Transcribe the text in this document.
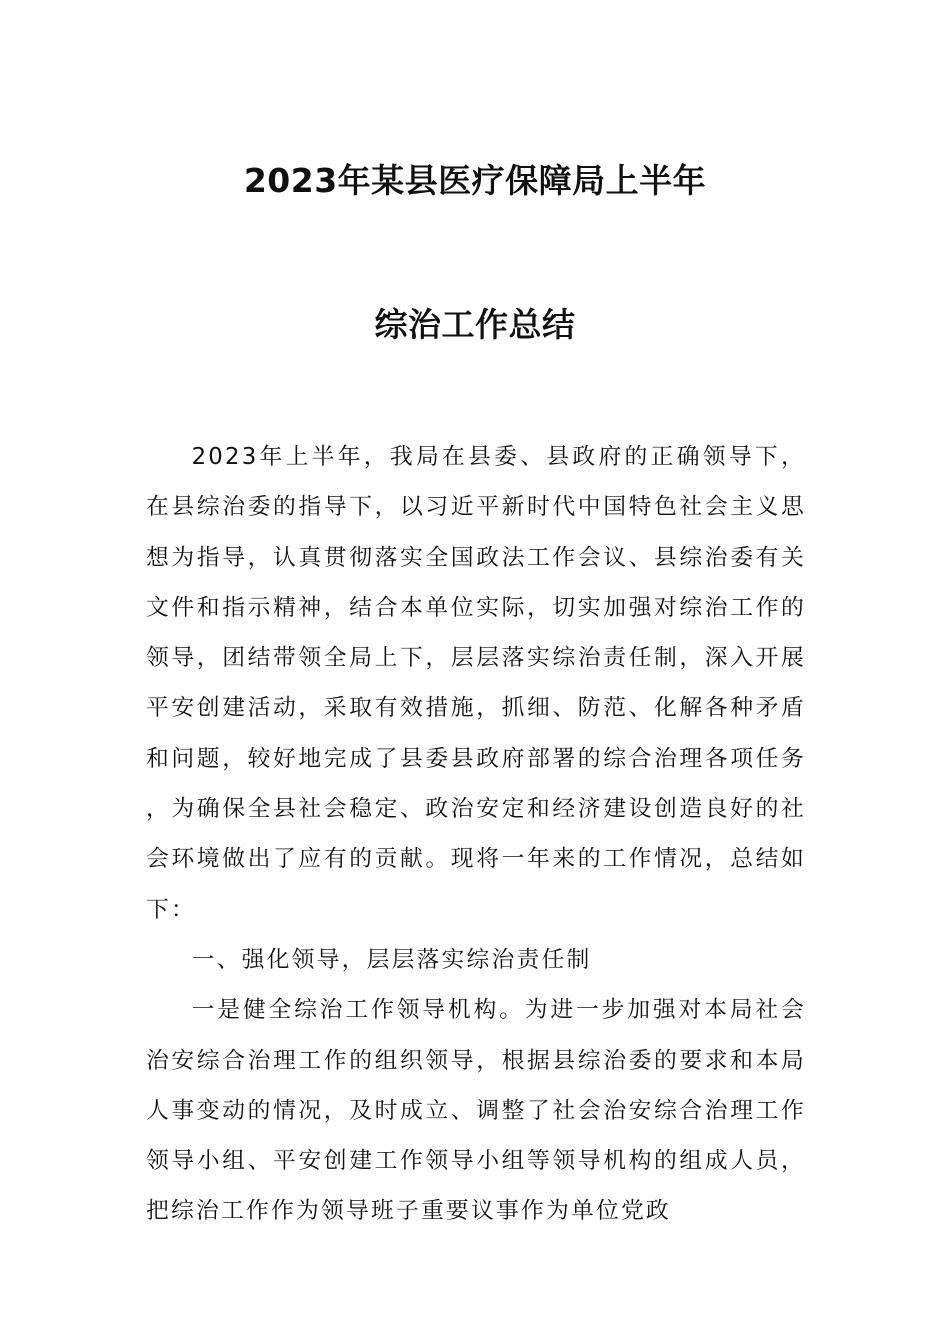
2023年某县医疗保障局上半年
综治工作总结

2023年上半年，我局在县委、县政府的正确领导下，在县综治委的指导下，以习近平新时代中国特色社会主义思想为指导，认真贯彻落实全国政法工作会议、县综治委有关文件和指示精神，结合本单位实际，切实加强对综治工作的领导，团结带领全局上下，层层落实综治责任制，深入开展平安创建活动，采取有效措施，抓细、防范、化解各种矛盾和问题，较好地完成了县委县政府部署的综合治理各项任务，为确保全县社会稳定、政治安定和经济建设创造良好的社会环境做出了应有的贡献。现将一年来的工作情况，总结如下：

一、强化领导，层层落实综治责任制

一是健全综治工作领导机构。为进一步加强对本局社会治安综合治理工作的组织领导，根据县综治委的要求和本局人事变动的情况，及时成立、调整了社会治安综合治理工作领导小组、平安创建工作领导小组等领导机构的组成人员，把综治工作作为领导班子重要议事作为单位党政
